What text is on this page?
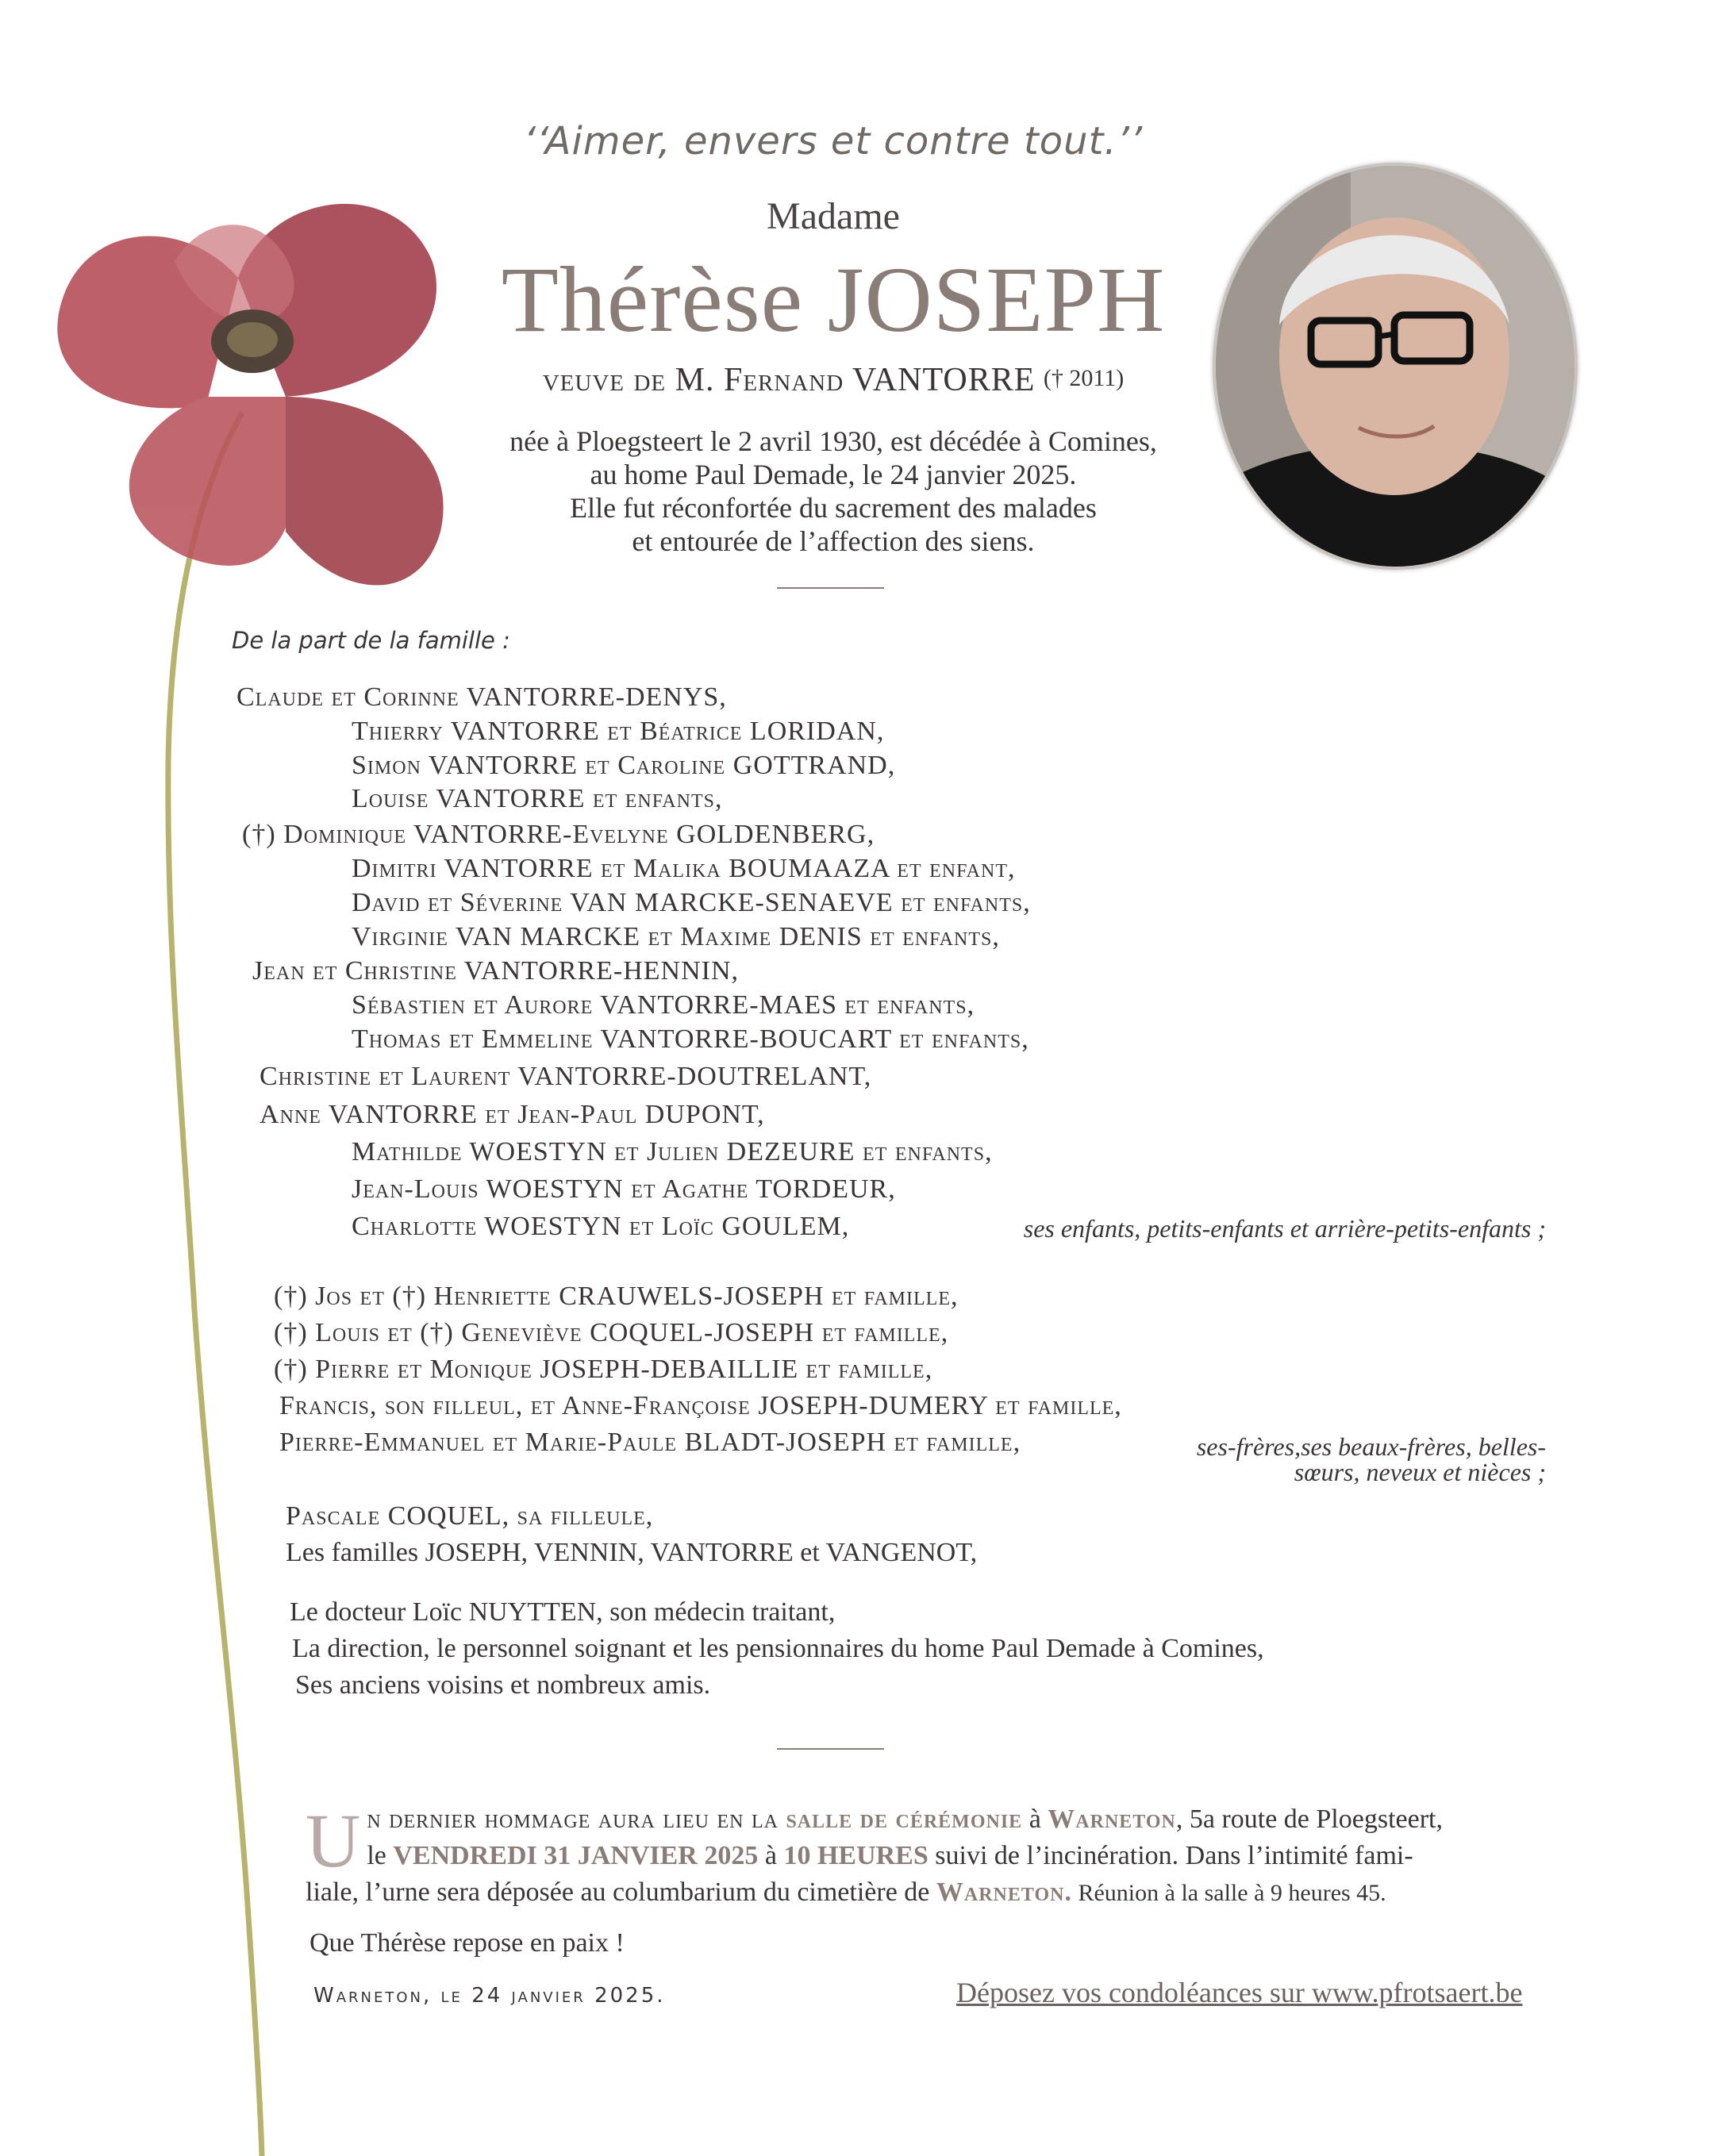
‘‘Aimer, envers et contre tout.’’
Madame
Thérèse JOSEPH
veuve de M. Fernand VANTORRE († 2011)
née à Ploegsteert le 2 avril 1930, est décédée à Comines,
au home Paul Demade, le 24 janvier 2025.
Elle fut réconfortée du sacrement des malades
et entourée de l’affection des siens.
De la part de la famille :
Claude et Corinne VANTORRE-DENYS,
Thierry VANTORRE et Béatrice LORIDAN,
Simon VANTORRE et Caroline GOTTRAND,
Louise VANTORRE et enfants,
(†) Dominique VANTORRE-Evelyne GOLDENBERG,
Dimitri VANTORRE et Malika BOUMAAZA et enfant,
David et Séverine VAN MARCKE-SENAEVE et enfants,
Virginie VAN MARCKE et Maxime DENIS et enfants,
Jean et Christine VANTORRE-HENNIN,
Sébastien et Aurore VANTORRE-MAES et enfants,
Thomas et Emmeline VANTORRE-BOUCART et enfants,
Christine et Laurent VANTORRE-DOUTRELANT,
Anne VANTORRE et Jean-Paul DUPONT,
Mathilde WOESTYN et Julien DEZEURE et enfants,
Jean-Louis WOESTYN et Agathe TORDEUR,
Charlotte WOESTYN et Loïc GOULEM,	ses enfants, petits-enfants et arrière-petits-enfants ;
(†) Jos et (†) Henriette CRAUWELS-JOSEPH et famille,
(†) Louis et (†) Geneviève COQUEL-JOSEPH et famille,
(†) Pierre et Monique JOSEPH-DEBAILLIE et famille,
Francis, son filleul, et Anne-Françoise JOSEPH-DUMERY et famille,
Pierre-Emmanuel et Marie-Paule BLADT-JOSEPH et famille,	ses-frères,ses beaux-frères, belles-
sœurs, neveux et nièces ;
Pascale COQUEL, sa filleule,
Les familles JOSEPH, VENNIN, VANTORRE et VANGENOT,
Le docteur Loïc NUYTTEN, son médecin traitant,
La direction, le personnel soignant et les pensionnaires du home Paul Demade à Comines,
Ses anciens voisins et nombreux amis.
Un dernier hommage aura lieu en la salle de cérémonie à Warneton, 5a route de Ploegsteert,
le VENDREDI 31 JANVIER 2025 à 10 HEURES suivi de l’incinération. Dans l’intimité fami-
liale, l’urne sera déposée au columbarium du cimetière de Warneton. Réunion à la salle à 9 heures 45.
Que Thérèse repose en paix !
Warneton, le 24 janvier 2025.	Déposez vos condoléances sur www.pfrotsaert.be
